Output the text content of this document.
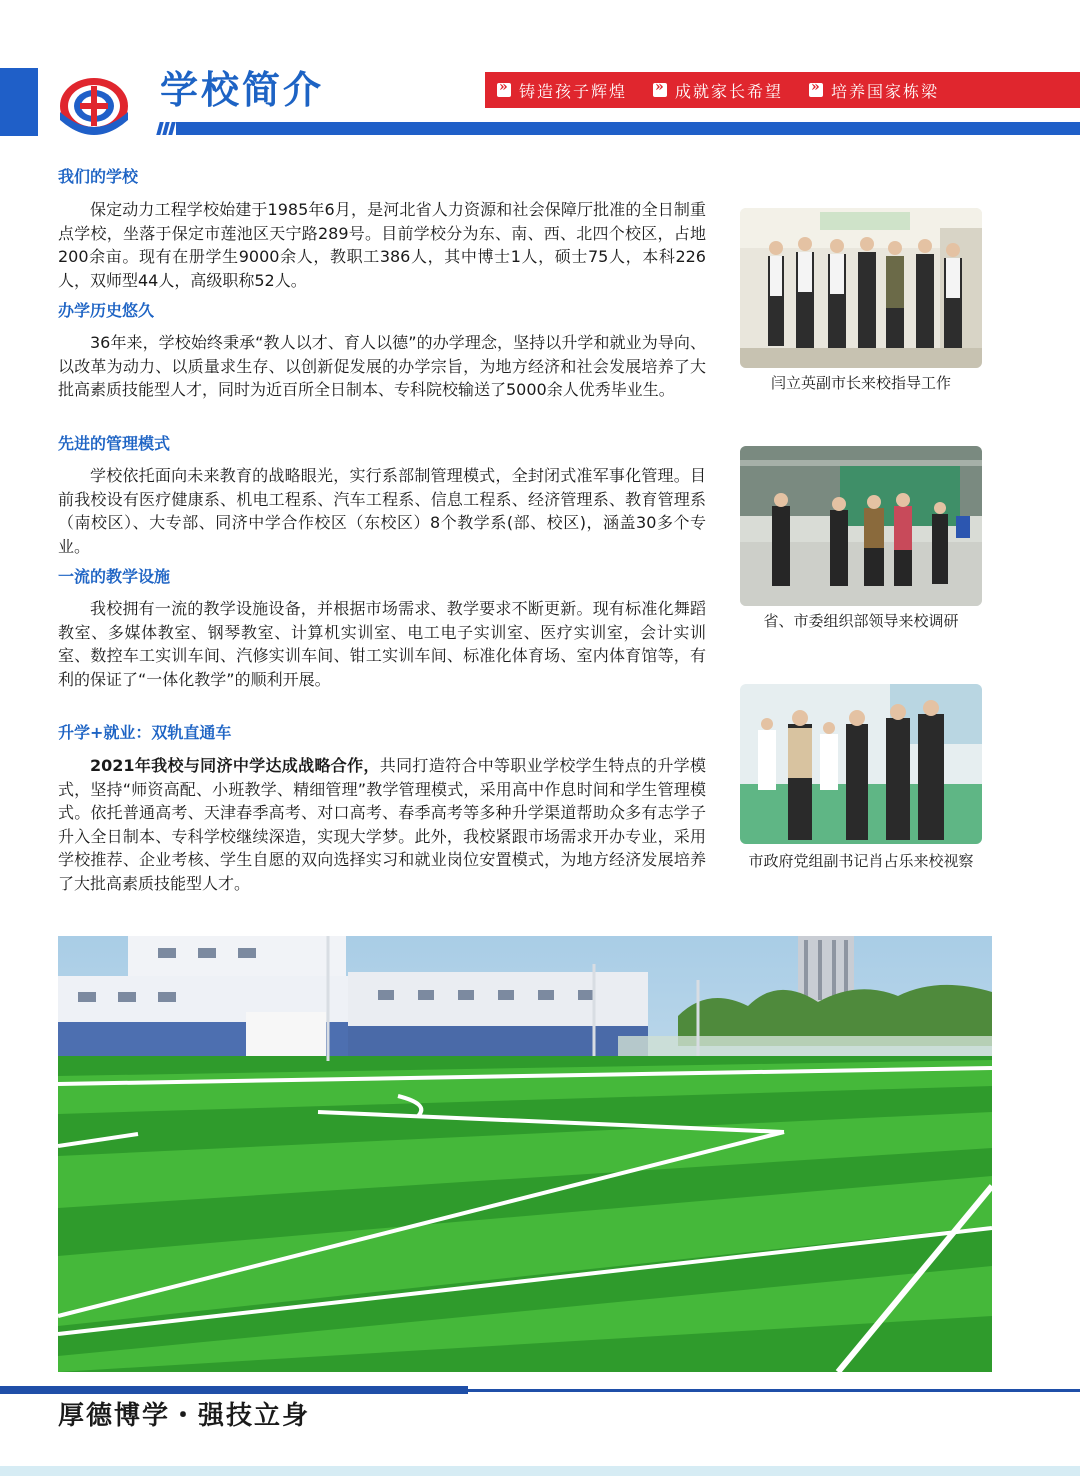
学校简介 »	铸造孩子辉煌 »	成就家长希望 »	培养国家栋梁
我们的学校

保定动力工程学校始建于1985年6月，是河北省人力资源和社会保障厅批准的全日制重点学校，坐落于保定市莲池区天宁路289号。目前学校分为东、南、西、北四个校区，占地200余亩。现有在册学生9000余人，教职工386人，其中博士1人，硕士75人，本科226人，双师型44人，高级职称52人。

办学历史悠久

36年来，学校始终秉承“教人以才、育人以德”的办学理念，坚持以升学和就业为导向、以改革为动力、以质量求生存、以创新促发展的办学宗旨，为地方经济和社会发展培养了大批高素质技能型人才，同时为近百所全日制本、专科院校输送了5000余人优秀毕业生。

先进的管理模式

学校依托面向未来教育的战略眼光，实行系部制管理模式，全封闭式准军事化管理。目前我校设有医疗健康系、机电工程系、汽车工程系、信息工程系、经济管理系、教育管理系（南校区）、大专部、同济中学合作校区（东校区）8个教学系(部、校区)，涵盖30多个专业。

一流的教学设施

我校拥有一流的教学设施设备，并根据市场需求、教学要求不断更新。现有标准化舞蹈教室、多媒体教室、钢琴教室、计算机实训室、电工电子实训室、医疗实训室，会计实训室、数控车工实训车间、汽修实训车间、钳工实训车间、标准化体育场、室内体育馆等，有利的保证了“一体化教学”的顺利开展。

升学+就业：双轨直通车

2021年我校与同济中学达成战略合作，共同打造符合中等职业学校学生特点的升学模式，坚持“师资高配、小班教学、精细管理”教学管理模式，采用高中作息时间和学生管理模式。依托普通高考、天津春季高考、对口高考、春季高考等多种升学渠道帮助众多有志学子升入全日制本、专科学校继续深造，实现大学梦。此外，我校紧跟市场需求开办专业，采用学校推荐、企业考核、学生自愿的双向选择实习和就业岗位安置模式，为地方经济发展培养了大批高素质技能型人才。

闫立英副市长来校指导工作
省、市委组织部领导来校调研
市政府党组副书记肖占乐来校视察
厚德博学・强技立身
